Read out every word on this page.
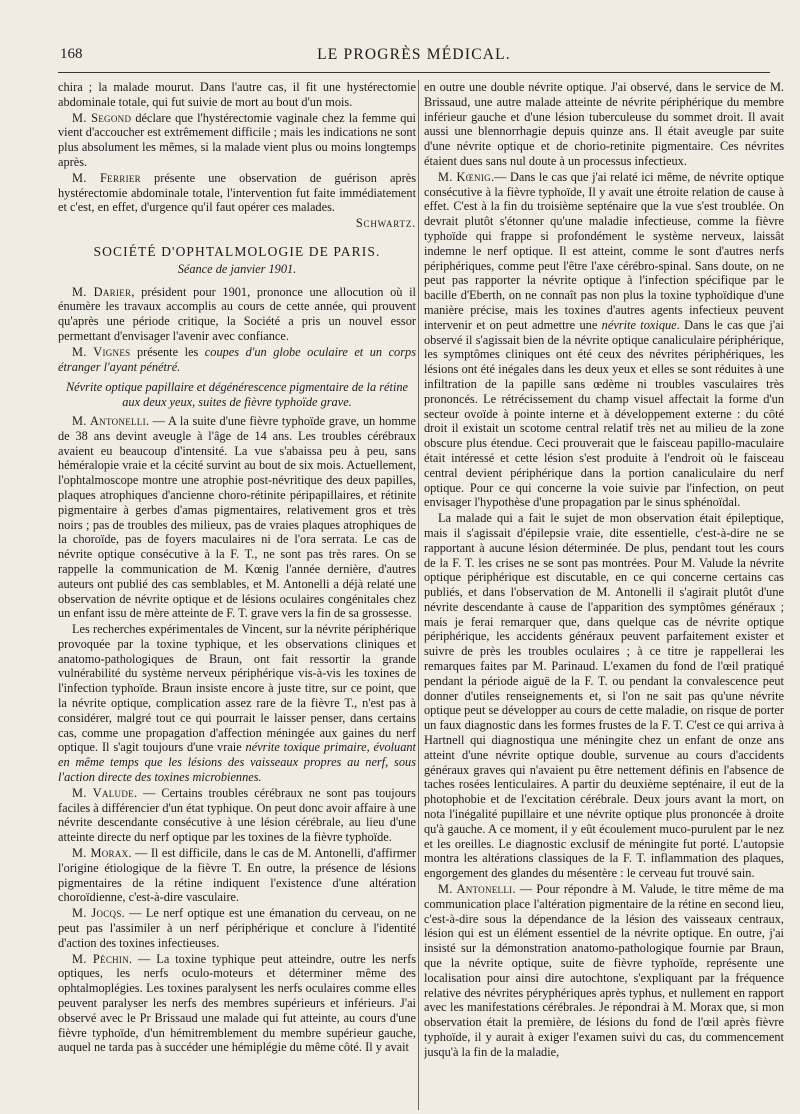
168	LE PROGRÈS MÉDICAL.

chira ; la malade mourut. Dans l'autre cas, il fit une hystérectomie abdominale totale, qui fut suivie de mort au bout d'un mois.

M. Segond déclare que l'hystérectomie vaginale chez la femme qui vient d'accoucher est extrêmement difficile ; mais les indications ne sont plus absolument les mêmes, si la malade vient plus ou moins longtemps après.

M. Ferrier présente une observation de guérison après hystérectomie abdominale totale, l'intervention fut faite immédiatement et c'est, en effet, d'urgence qu'il faut opérer ces malades.

Schwartz.

SOCIÉTÉ D'OPHTALMOLOGIE DE PARIS.
Séance de janvier 1901.

M. Darier, président pour 1901, prononce une allocution où il énumère les travaux accomplis au cours de cette année, qui prouvent qu'après une période critique, la Société a pris un nouvel essor permettant d'envisager l'avenir avec confiance.

M. Vignes présente les coupes d'un globe oculaire et un corps étranger l'ayant pénétré.

Névrite optique papillaire et dégénérescence pigmentaire de la rétine aux deux yeux, suites de fièvre typhoïde grave.

M. Antonelli. — A la suite d'une fièvre typhoïde grave, un homme de 38 ans devint aveugle à l'âge de 14 ans. Les troubles cérébraux avaient eu beaucoup d'intensité. La vue s'abaissa peu à peu, sans héméralopie vraie et la cécité survint au bout de six mois. Actuellement, l'ophtalmoscope montre une atrophie post-névritique des deux papilles, plaques atrophiques d'ancienne choro-rétinite péripapillaires, et rétinite pigmentaire à gerbes d'amas pigmentaires, relativement gros et très noirs ; pas de troubles des milieux, pas de vraies plaques atrophiques de la choroïde, pas de foyers maculaires ni de l'ora serrata. Le cas de névrite optique consécutive à la F. T., ne sont pas très rares. On se rappelle la communication de M. Kœnig l'année dernière, d'autres auteurs ont publié des cas semblables, et M. Antonelli a déjà relaté une observation de névrite optique et de lésions oculaires congénitales chez un enfant issu de mère atteinte de F. T. grave vers la fin de sa grossesse.

Les recherches expérimentales de Vincent, sur la névrite périphérique provoquée par la toxine typhique, et les observations cliniques et anatomo-pathologiques de Braun, ont fait ressortir la grande vulnérabilité du système nerveux périphérique vis-à-vis les toxines de l'infection typhoïde. Braun insiste encore à juste titre, sur ce point, que la névrite optique, complication assez rare de la fièvre T., n'est pas à considérer, malgré tout ce qui pourrait le laisser penser, dans certains cas, comme une propagation d'affection méningée aux gaines du nerf optique. Il s'agit toujours d'une vraie névrite toxique primaire, évoluant en même temps que les lésions des vaisseaux propres au nerf, sous l'action directe des toxines microbiennes.

M. Valude. — Certains troubles cérébraux ne sont pas toujours faciles à différencier d'un état typhique. On peut donc avoir affaire à une névrite descendante consécutive à une lésion cérébrale, au lieu d'une atteinte directe du nerf optique par les toxines de la fièvre typhoïde.

M. Morax. — Il est difficile, dans le cas de M. Antonelli, d'affirmer l'origine étiologique de la fièvre T. En outre, la présence de lésions pigmentaires de la rétine indiquent l'existence d'une altération choroïdienne, c'est-à-dire vasculaire.

M. Jocqs. — Le nerf optique est une émanation du cerveau, on ne peut pas l'assimiler à un nerf périphérique et conclure à l'identité d'action des toxines infectieuses.

M. Péchin. — La toxine typhique peut atteindre, outre les nerfs optiques, les nerfs oculo-moteurs et déterminer même des ophtalmoplégies. Les toxines paralysent les nerfs oculaires comme elles peuvent paralyser les nerfs des membres supérieurs et inférieurs. J'ai observé avec le Pr Brissaud une malade qui fut atteinte, au cours d'une fièvre typhoïde, d'un hémitremblement du membre supérieur gauche, auquel ne tarda pas à succéder une hémiplégie du même côté. Il y avait

en outre une double névrite optique. J'ai observé, dans le service de M. Brissaud, une autre malade atteinte de névrite périphérique du membre inférieur gauche et d'une lésion tuberculeuse du sommet droit. Il avait aussi une blennorrhagie depuis quinze ans. Il était aveugle par suite d'une névrite optique et de chorio-retinite pigmentaire. Ces névrites étaient dues sans nul doute à un processus infectieux.

M. Kœnig.— Dans le cas que j'ai relaté ici même, de névrite optique consécutive à la fièvre typhoïde, Il y avait une étroite relation de cause à effet. C'est à la fin du troisième septénaire que la vue s'est troublée. On devrait plutôt s'étonner qu'une maladie infectieuse, comme la fièvre typhoïde qui frappe si profondément le système nerveux, laissât indemne le nerf optique. Il est atteint, comme le sont d'autres nerfs périphériques, comme peut l'être l'axe cérébro-spinal. Sans doute, on ne peut pas rapporter la névrite optique à l'infection spécifique par le bacille d'Eberth, on ne connaît pas non plus la toxine typhoïdique d'une manière précise, mais les toxines d'autres agents infectieux peuvent intervenir et on peut admettre une névrite toxique. Dans le cas que j'ai observé il s'agissait bien de la névrite optique canaliculaire périphérique, les symptômes cliniques ont été ceux des névrites périphériques, les lésions ont été inégales dans les deux yeux et elles se sont réduites à une infiltration de la papille sans œdème ni troubles vasculaires très prononcés. Le rétrécissement du champ visuel affectait la forme d'un secteur ovoïde à pointe interne et à développement externe : du côté droit il existait un scotome central relatif très net au milieu de la zone obscure plus étendue. Ceci prouverait que le faisceau papillo-maculaire était intéressé et cette lésion s'est produite à l'endroit où le faisceau central devient périphérique dans la portion canaliculaire du nerf optique. Pour ce qui concerne la voie suivie par l'infection, on peut envisager l'hypothèse d'une propagation par le sinus sphénoïdal.

La malade qui a fait le sujet de mon observation était épileptique, mais il s'agissait d'épilepsie vraie, dite essentielle, c'est-à-dire ne se rapportant à aucune lésion déterminée. De plus, pendant tout les cours de la F. T. les crises ne se sont pas montrées. Pour M. Valude la névrite optique périphérique est discutable, en ce qui concerne certains cas publiés, et dans l'observation de M. Antonelli il s'agirait plutôt d'une névrite descendante à cause de l'apparition des symptômes généraux ; mais je ferai remarquer que, dans quelque cas de névrite optique périphérique, les accidents généraux peuvent parfaitement exister et suivre de près les troubles oculaires ; à ce titre je rappellerai les remarques faites par M. Parinaud. L'examen du fond de l'œil pratiqué pendant la période aiguë de la F. T. ou pendant la convalescence peut donner d'utiles renseignements et, si l'on ne sait pas qu'une névrite optique peut se développer au cours de cette maladie, on risque de porter un faux diagnostic dans les formes frustes de la F. T. C'est ce qui arriva à Hartnell qui diagnostiqua une méningite chez un enfant de onze ans atteint d'une névrite optique double, survenue au cours d'accidents généraux graves qui n'avaient pu être nettement définis en l'absence de taches rosées lenticulaires. A partir du deuxième septénaire, il eut de la photophobie et de l'excitation cérébrale. Deux jours avant la mort, on nota l'inégalité pupillaire et une névrite optique plus prononcée à droite qu'à gauche. A ce moment, il y eût écoulement muco-purulent par le nez et les oreilles. Le diagnostic exclusif de méningite fut porté. L'autopsie montra les altérations classiques de la F. T. inflammation des plaques, engorgement des glandes du mésentère : le cerveau fut trouvé sain.

M. Antonelli. — Pour répondre à M. Valude, le titre même de ma communication place l'altération pigmentaire de la rétine en second lieu, c'est-à-dire sous la dépendance de la lésion des vaisseaux centraux, lésion qui est un élément essentiel de la névrite optique. En outre, j'ai insisté sur la démonstration anatomo-pathologique fournie par Braun, que la névrite optique, suite de fièvre typhoïde, représente une localisation pour ainsi dire autochtone, s'expliquant par la fréquence relative des névrites péryphériques après typhus, et nullement en rapport avec les manifestations cérébrales. Je répondrai à M. Morax que, si mon observation était la première, de lésions du fond de l'œil après fièvre typhoïde, il y aurait à exiger l'examen suivi du cas, du commencement jusqu'à la fin de la maladie,
